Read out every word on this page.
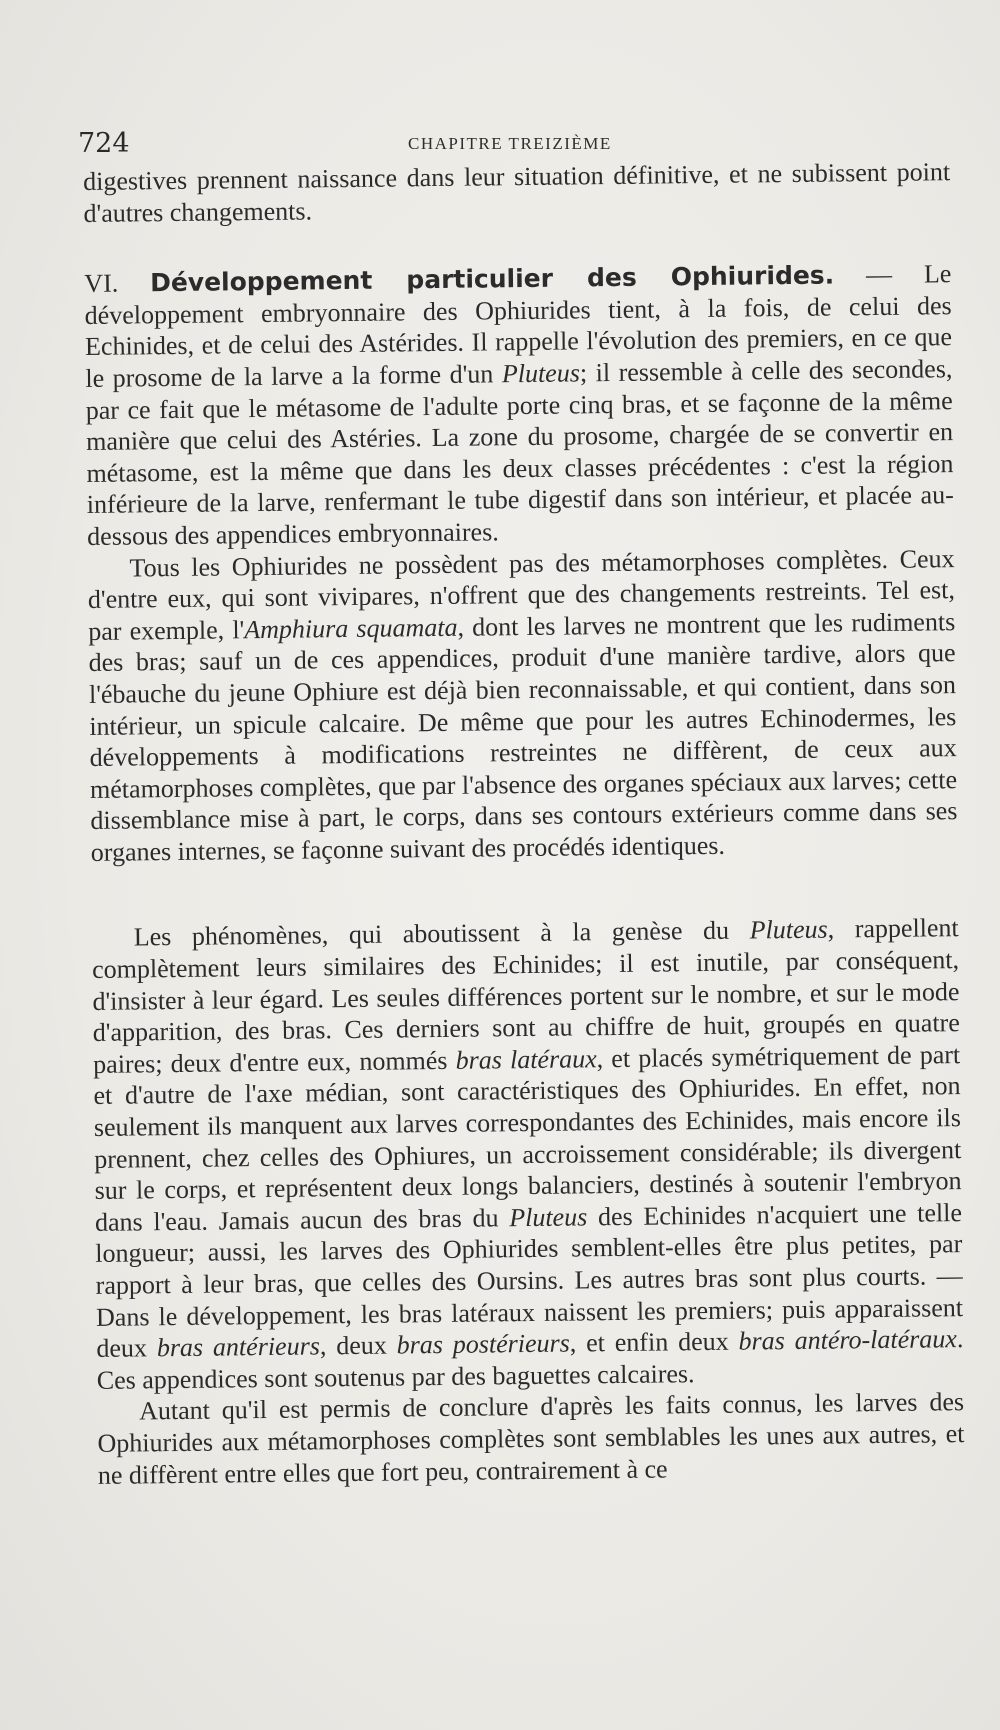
724	CHAPITRE TREIZIÈME

digestives prennent naissance dans leur situation définitive, et ne subissent point d'autres changements.

VI. Développement particulier des Ophiurides. — Le développement embryonnaire des Ophiurides tient, à la fois, de celui des Echinides, et de celui des Astérides. Il rappelle l'évolution des premiers, en ce que le prosome de la larve a la forme d'un Pluteus; il ressemble à celle des secondes, par ce fait que le métasome de l'adulte porte cinq bras, et se façonne de la même manière que celui des Astéries. La zone du prosome, chargée de se convertir en métasome, est la même que dans les deux classes précédentes : c'est la région inférieure de la larve, renfermant le tube digestif dans son intérieur, et placée au-dessous des appendices embryonnaires.

Tous les Ophiurides ne possèdent pas des métamorphoses complètes. Ceux d'entre eux, qui sont vivipares, n'offrent que des changements restreints. Tel est, par exemple, l'Amphiura squamata, dont les larves ne montrent que les rudiments des bras; sauf un de ces appendices, produit d'une manière tardive, alors que l'ébauche du jeune Ophiure est déjà bien reconnaissable, et qui contient, dans son intérieur, un spicule calcaire. De même que pour les autres Echinodermes, les développements à modifications restreintes ne diffèrent, de ceux aux métamorphoses complètes, que par l'absence des organes spéciaux aux larves; cette dissemblance mise à part, le corps, dans ses contours extérieurs comme dans ses organes internes, se façonne suivant des procédés identiques.

Les phénomènes, qui aboutissent à la genèse du Pluteus, rappellent complètement leurs similaires des Echinides; il est inutile, par conséquent, d'insister à leur égard. Les seules différences portent sur le nombre, et sur le mode d'apparition, des bras. Ces derniers sont au chiffre de huit, groupés en quatre paires; deux d'entre eux, nommés bras latéraux, et placés symétriquement de part et d'autre de l'axe médian, sont caractéristiques des Ophiurides. En effet, non seulement ils manquent aux larves correspondantes des Echinides, mais encore ils prennent, chez celles des Ophiures, un accroissement considérable; ils divergent sur le corps, et représentent deux longs balanciers, destinés à soutenir l'embryon dans l'eau. Jamais aucun des bras du Pluteus des Echinides n'acquiert une telle longueur; aussi, les larves des Ophiurides semblent-elles être plus petites, par rapport à leur bras, que celles des Oursins. Les autres bras sont plus courts. — Dans le développement, les bras latéraux naissent les premiers; puis apparaissent deux bras antérieurs, deux bras postérieurs, et enfin deux bras antéro-latéraux. Ces appendices sont soutenus par des baguettes calcaires.

Autant qu'il est permis de conclure d'après les faits connus, les larves des Ophiurides aux métamorphoses complètes sont semblables les unes aux autres, et ne diffèrent entre elles que fort peu, contrairement à ce
